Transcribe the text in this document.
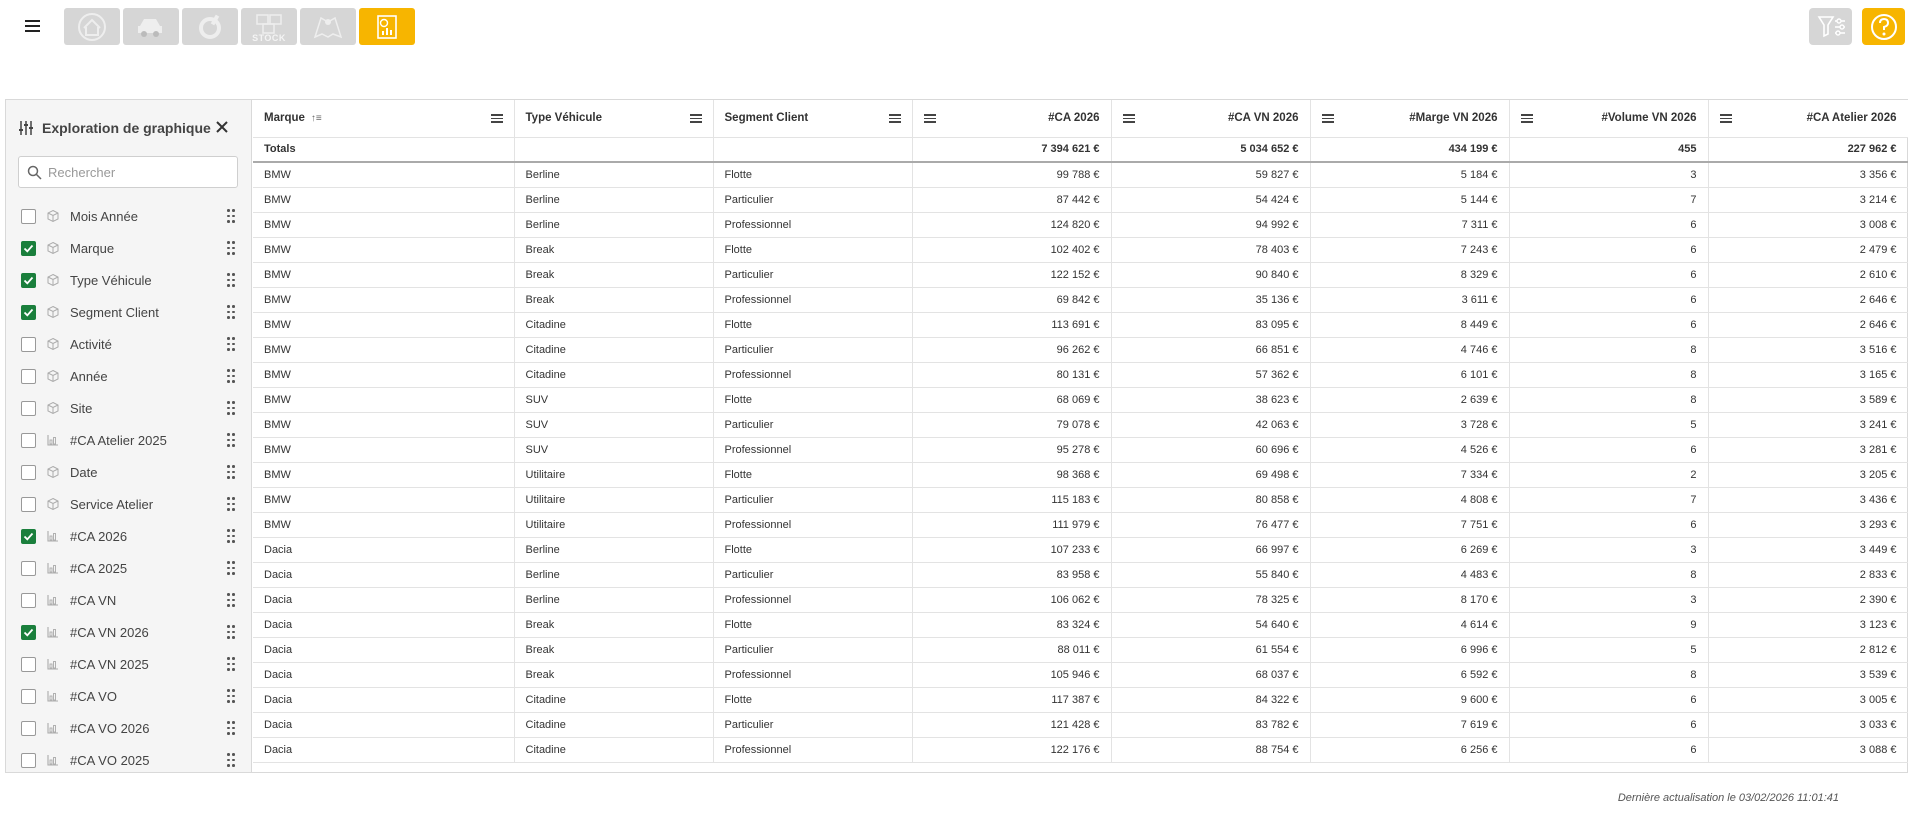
STOCK
Exploration de graphique
Rechercher
Mois Année
Marque
Type Véhicule
Segment Client
Activité
Année
Site
#CA Atelier 2025
Date
Service Atelier
#CA 2026
#CA 2025
#CA VN
#CA VN 2026
#CA VN 2025
#CA VO
#CA VO 2026
#CA VO 2025
Marque ↑≡	Type Véhicule	Segment Client	#CA 2026	#CA VN 2026	#Marge VN 2026	#Volume VN 2026	#CA Atelier 2026

Totals			7 394 621 €	5 034 652 €	434 199 €	455	227 962 €
BMW	Berline	Flotte	99 788 €	59 827 €	5 184 €	3	3 356 €
BMW	Berline	Particulier	87 442 €	54 424 €	5 144 €	7	3 214 €
BMW	Berline	Professionnel	124 820 €	94 992 €	7 311 €	6	3 008 €
BMW	Break	Flotte	102 402 €	78 403 €	7 243 €	6	2 479 €
BMW	Break	Particulier	122 152 €	90 840 €	8 329 €	6	2 610 €
BMW	Break	Professionnel	69 842 €	35 136 €	3 611 €	6	2 646 €
BMW	Citadine	Flotte	113 691 €	83 095 €	8 449 €	6	2 646 €
BMW	Citadine	Particulier	96 262 €	66 851 €	4 746 €	8	3 516 €
BMW	Citadine	Professionnel	80 131 €	57 362 €	6 101 €	8	3 165 €
BMW	SUV	Flotte	68 069 €	38 623 €	2 639 €	8	3 589 €
BMW	SUV	Particulier	79 078 €	42 063 €	3 728 €	5	3 241 €
BMW	SUV	Professionnel	95 278 €	60 696 €	4 526 €	6	3 281 €
BMW	Utilitaire	Flotte	98 368 €	69 498 €	7 334 €	2	3 205 €
BMW	Utilitaire	Particulier	115 183 €	80 858 €	4 808 €	7	3 436 €
BMW	Utilitaire	Professionnel	111 979 €	76 477 €	7 751 €	6	3 293 €
Dacia	Berline	Flotte	107 233 €	66 997 €	6 269 €	3	3 449 €
Dacia	Berline	Particulier	83 958 €	55 840 €	4 483 €	8	2 833 €
Dacia	Berline	Professionnel	106 062 €	78 325 €	8 170 €	3	2 390 €
Dacia	Break	Flotte	83 324 €	54 640 €	4 614 €	9	3 123 €
Dacia	Break	Particulier	88 011 €	61 554 €	6 996 €	5	2 812 €
Dacia	Break	Professionnel	105 946 €	68 037 €	6 592 €	8	3 539 €
Dacia	Citadine	Flotte	117 387 €	84 322 €	9 600 €	6	3 005 €
Dacia	Citadine	Particulier	121 428 €	83 782 €	7 619 €	6	3 033 €
Dacia	Citadine	Professionnel	122 176 €	88 754 €	6 256 €	6	3 088 €
Dernière actualisation le 03/02/2026 11:01:41
